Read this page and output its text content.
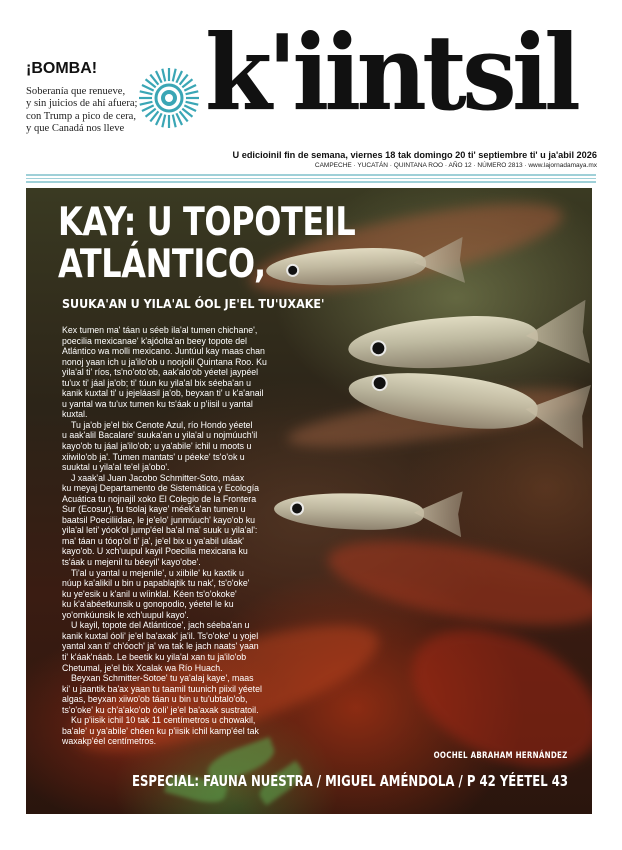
¡BOMBA!
Soberanía que renueve,
y sin juicios de ahí afuera;
con Trump a pico de cera,
y que Canadá nos lleve k'iintsil
U edicioinil fin de semana, viernes 18 tak domingo 20 ti' septiembre ti' u ja'abil 2026
CAMPECHE · YUCATÁN · QUINTANA ROO · AÑO 12 · NÚMERO 2813 · www.lajornadamaya.mx
KAY: U TOPOTEIL
ATLÁNTICO,
SUUKA'AN U YILA'AL ÓOL JE'EL TU'UXAKE'
Kex tumen ma' táan u séeb ila'al tumen chichane',
poecilia mexicanae' k'ajóolta'an beey topote del
Atlántico wa molli mexicano. Juntúul kay maas chan
nonoj yaan ich u ja'ilo'ob u noojolil Quintana Roo. Ku
yila'al ti' ríos, ts'no'oto'ob, aak'alo'ob yéetel jaypéel
tu'ux ti' jáal ja'ob; ti' túun ku yila'al bix séeba'an u
kanik kuxtal ti' u jejeláasil ja'ob, beyxan ti' u k'a'anail
u yantal wa tu'ux tumen ku ts'áak u p'iisil u yantal
kuxtal.
Tu ja'ob je'el bix Cenote Azul, río Hondo yéetel
u aak'alil Bacalare' suuka'an u yila'al u nojmúuch'il
kayo'ob tu jáal ja'ilo'ob; u ya'abile' ichil u moots u
xiiwilo'ob ja'. Tumen mantats' u péeke' ts'o'ok u
suuktal u yila'al te'el ja'obo'.
J xaak'al Juan Jacobo Schmitter-Soto, máax
ku meyaj Departamento de Sistemática y Ecología
Acuática tu nojnajil xoko El Colegio de la Frontera
Sur (Ecosur), tu tsolaj kaye' méek'a'an tumen u
baatsil Poeciliidae, le je'elo' junmúuch' kayo'ob ku
yila'al leti' yóok'ol jump'éel ba'al ma' suuk u yila'al':
ma' táan u tóop'ol ti' ja', je'el bix u ya'abil uláak'
kayo'ob. U xch'uupul kayil Poecilia mexicana ku
ts'áak u mejenil tu béeyil' kayo'obe'.
Ti'al u yantal u mejenile', u xiibile' ku kaxtik u
núup ka'alikil u bin u papablajtik tu nak', ts'o'oke'
ku ye'esik u k'anil u wíinklal. Kéen ts'o'okoke'
ku k'a'abéetkunsik u gonopodio, yéetel le ku
yo'omkúunsik le xch'uupul kayo'.
U kayil, topote del Atlánticoe', jach séeba'an u
kanik kuxtal óoli' je'el ba'axak' ja'il. Ts'o'oke' u yojel
yantal xan ti' ch'óoch' ja' wa tak le jach naats' yaan
ti' k'áak'náab. Le beetik ku yila'al xan tu ja'ilo'ob
Chetumal, je'el bix Xcalak wa Río Huach.
Beyxan Schmitter-Sotoe' tu ya'alaj kaye', maas
ki' u jaantik ba'ax yaan tu taamil tuunich piixil yéetel
algas, beyxan xiiwo'ob táan u bin u tu'ubtalo'ob,
ts'o'oke' ku ch'a'ako'ob óoli' je'el ba'axak sustratoil.
Ku p'iisik ichil 10 tak 11 centímetros u chowakil,
ba'ale' u ya'abile' chéen ku p'iisik ichil kamp'éel tak
waxakp'éel centímetros.
OOCHEL ABRAHAM HERNÁNDEZ
ESPECIAL: FAUNA NUESTRA / MIGUEL AMÉNDOLA / P 42 YÉETEL 43
